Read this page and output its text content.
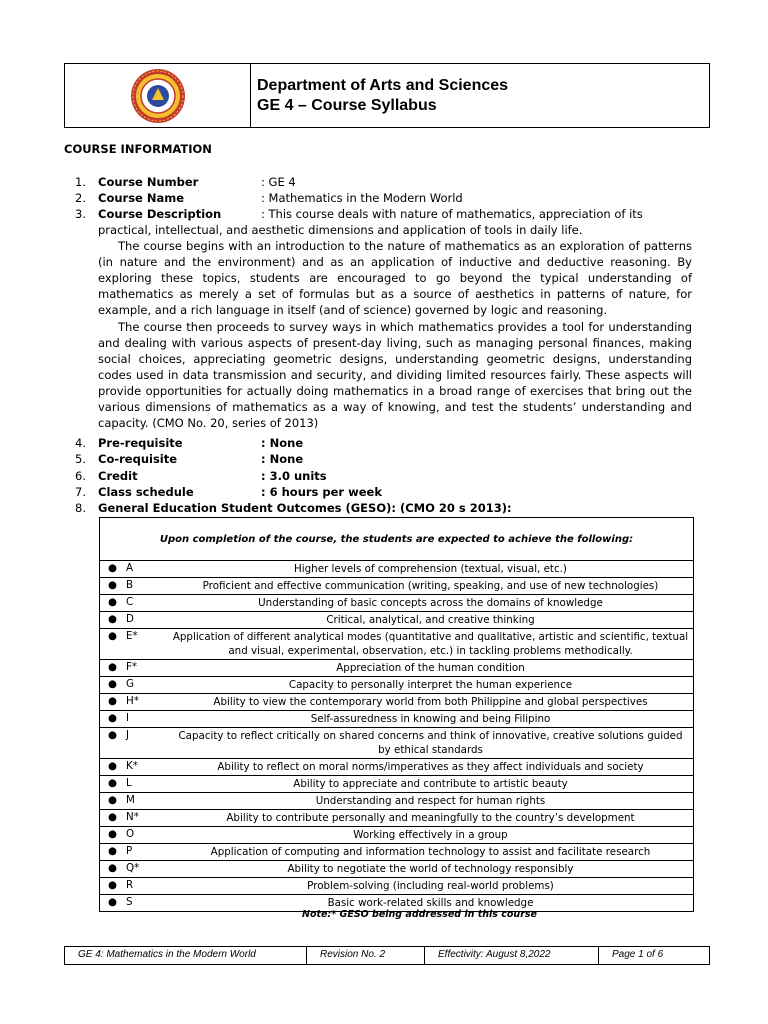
Department of Arts and Sciences
GE 4 – Course Syllabus
COURSE INFORMATION
1.	Course Number	: GE 4
2.	Course Name	: Mathematics in the Modern World
3.	Course Description	: This course deals with nature of mathematics, appreciation of its

practical, intellectual, and aesthetic dimensions and application of tools in daily life.

The course begins with an introduction to the nature of mathematics as an exploration of patterns (in nature and the environment) and as an application of inductive and deductive reasoning. By exploring these topics, students are encouraged to go beyond the typical understanding of mathematics as merely a set of formulas but as a source of aesthetics in patterns of nature, for example, and a rich language in itself (and of science) governed by logic and reasoning.

The course then proceeds to survey ways in which mathematics provides a tool for understanding and dealing with various aspects of present-day living, such as managing personal finances, making social choices, appreciating geometric designs, understanding geometric designs, understanding codes used in data transmission and security, and dividing limited resources fairly. These aspects will provide opportunities for actually doing mathematics in a broad range of exercises that bring out the various dimensions of mathematics as a way of knowing, and test the students’ understanding and capacity. (CMO No. 20, series of 2013)

4.	Pre-requisite	: None
5.	Co-requisite	: None
6.	Credit	: 3.0 units
7.	Class schedule	: 6 hours per week
8.	General Education Student Outcomes (GESO): (CMO 20 s 2013):
Upon completion of the course, the students are expected to achieve the following:
● A	Higher levels of comprehension (textual, visual, etc.)
● B	Proficient and effective communication (writing, speaking, and use of new technologies)
● C	Understanding of basic concepts across the domains of knowledge
● D	Critical, analytical, and creative thinking
● E*	Application of different analytical modes (quantitative and qualitative, artistic and scientific, textual and visual, experimental, observation, etc.) in tackling problems methodically.
● F*	Appreciation of the human condition
● G	Capacity to personally interpret the human experience
● H*	Ability to view the contemporary world from both Philippine and global perspectives
● I	Self-assuredness in knowing and being Filipino
● J	Capacity to reflect critically on shared concerns and think of innovative, creative solutions guided by ethical standards
● K*	Ability to reflect on moral norms/imperatives as they affect individuals and society
● L	Ability to appreciate and contribute to artistic beauty
● M	Understanding and respect for human rights
● N*	Ability to contribute personally and meaningfully to the country’s development
● O	Working effectively in a group
● P	Application of computing and information technology to assist and facilitate research
● Q*	Ability to negotiate the world of technology responsibly
● R	Problem-solving (including real-world problems)
● S	Basic work-related skills and knowledge
Note:* GESO being addressed in this course
GE 4: Mathematics in the Modern World	Revision No. 2	Effectivity: August 8,2022	Page 1 of 6
